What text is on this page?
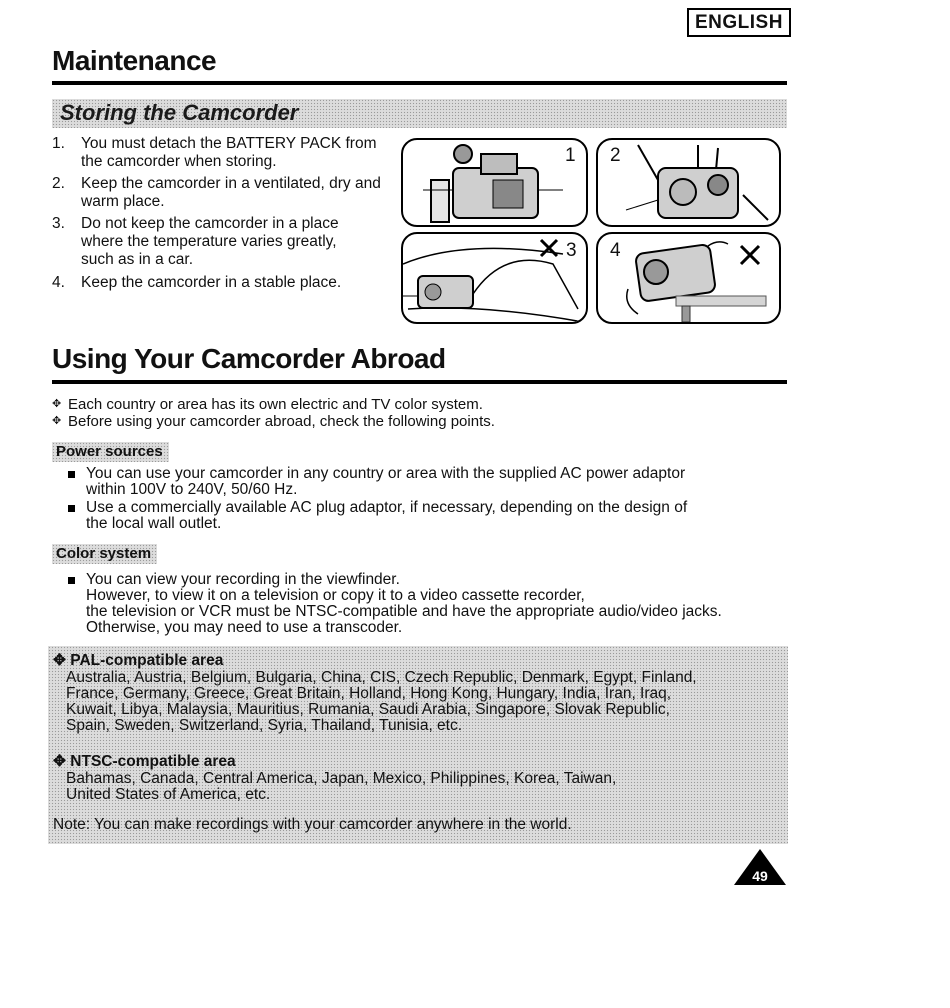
ENGLISH
Maintenance
Storing the Camcorder
1. You must detach the BATTERY PACK from the camcorder when storing.
2. Keep the camcorder in a ventilated, dry and warm place.
3. Do not keep the camcorder in a place where the temperature varies greatly, such as in a car.
4. Keep the camcorder in a stable place.
1 2
3 4
Using Your Camcorder Abroad
✥ Each country or area has its own electric and TV color system.
✥ Before using your camcorder abroad, check the following points.
Power sources
You can use your camcorder in any country or area with the supplied AC power adaptor
within 100V to 240V, 50/60 Hz.
Use a commercially available AC plug adaptor, if necessary, depending on the design of
the local wall outlet.
Color system
You can view your recording in the viewfinder.
However, to view it on a television or copy it to a video cassette recorder,
the television or VCR must be NTSC-compatible and have the appropriate audio/video jacks.
Otherwise, you may need to use a transcoder.
✥ PAL-compatible area
Australia, Austria, Belgium, Bulgaria, China, CIS, Czech Republic, Denmark, Egypt, Finland,
France, Germany, Greece, Great Britain, Holland, Hong Kong, Hungary, India, Iran, Iraq,
Kuwait, Libya, Malaysia, Mauritius, Rumania, Saudi Arabia, Singapore, Slovak Republic,
Spain, Sweden, Switzerland, Syria, Thailand, Tunisia, etc.
✥ NTSC-compatible area
Bahamas, Canada, Central America, Japan, Mexico, Philippines, Korea, Taiwan,
United States of America, etc.
Note: You can make recordings with your camcorder anywhere in the world.
49
